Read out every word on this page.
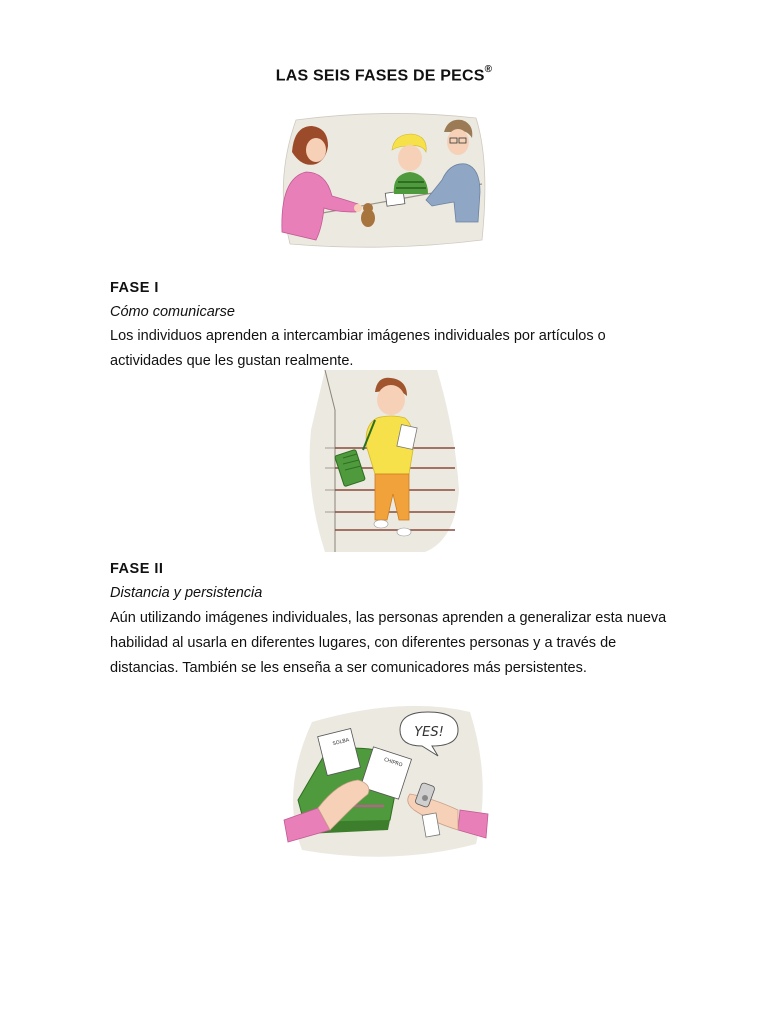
LAS SEIS FASES DE PECS®
FASE I
Cómo comunicarse
Los individuos aprenden a intercambiar imágenes individuales por artículos o actividades que les gustan realmente.
FASE II
Distancia y persistencia
Aún utilizando imágenes individuales, las personas aprenden a generalizar esta nueva habilidad al usarla en diferentes lugares, con diferentes personas y a través de distancias. También se les enseña a ser comunicadores más persistentes.
YES!
SOLBA
CHIPRO
